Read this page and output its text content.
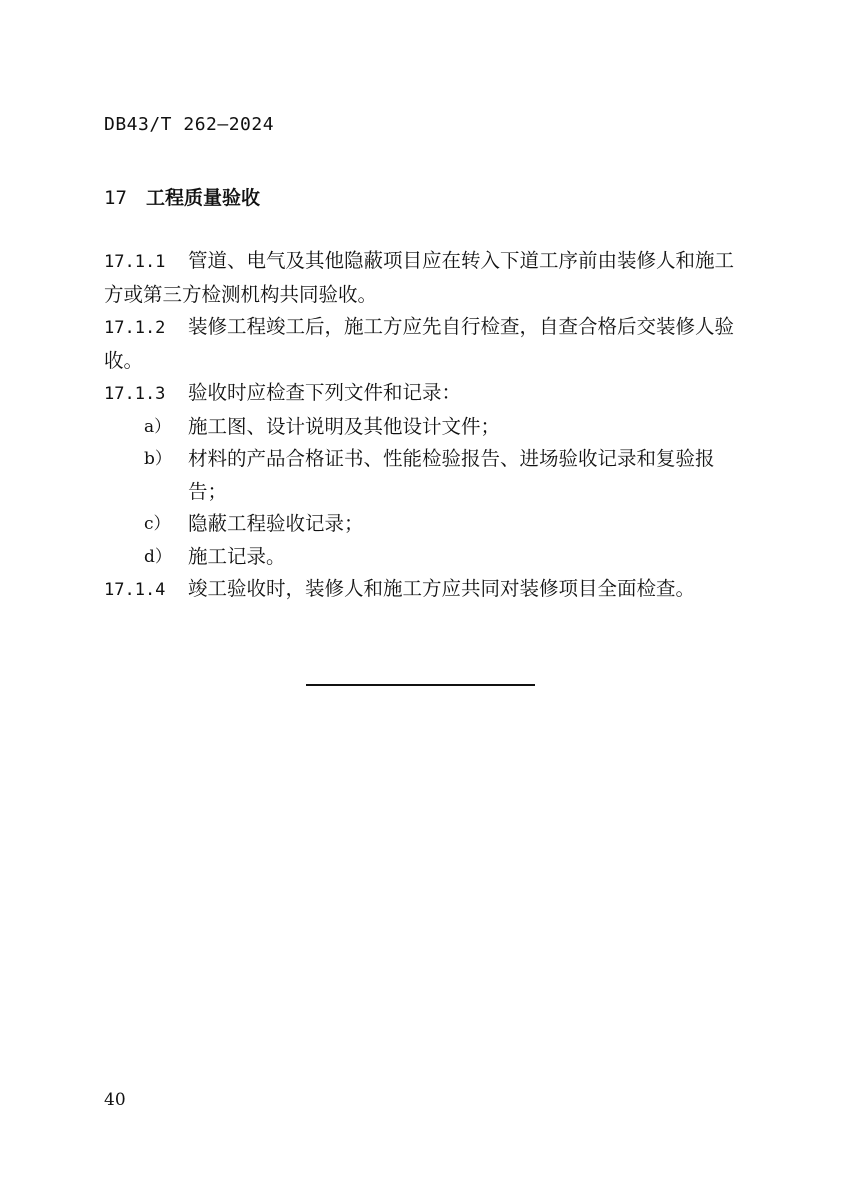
DB43/T 262—2024
17 工程质量验收

17.1.1 管道、电气及其他隐蔽项目应在转入下道工序前由装修人和施工方或第三方检测机构共同验收。

17.1.2 装修工程竣工后，施工方应先自行检查，自查合格后交装修人验收。

17.1.3 验收时应检查下列文件和记录：

a） 施工图、设计说明及其他设计文件；

b） 材料的产品合格证书、性能检验报告、进场验收记录和复验报告；

c） 隐蔽工程验收记录；

d） 施工记录。

17.1.4 竣工验收时，装修人和施工方应共同对装修项目全面检查。

40
